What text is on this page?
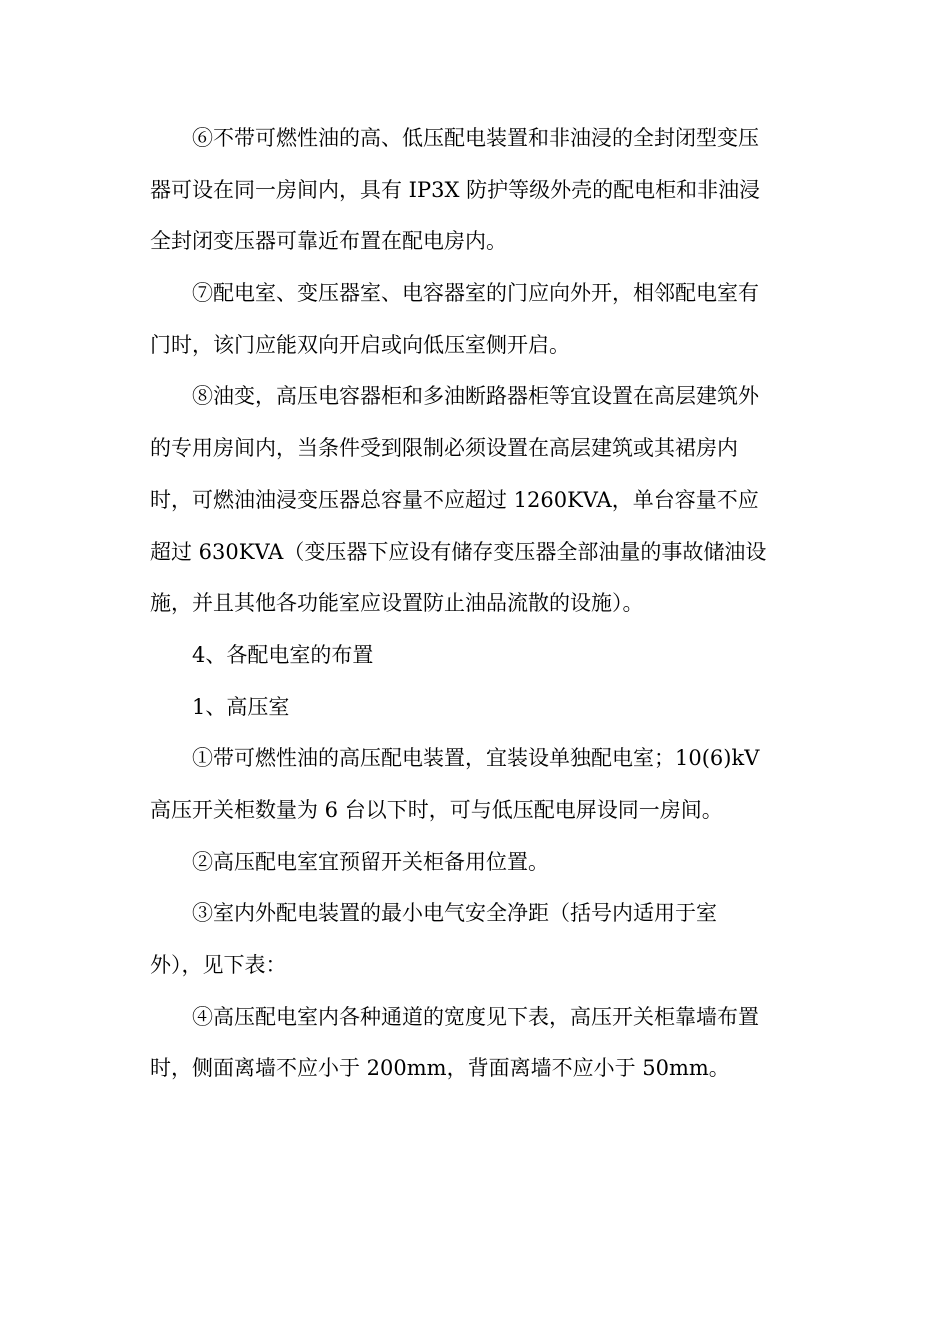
⑥不带可燃性油的高、低压配电装置和非油浸的全封闭型变压
器可设在同一房间内，具有 IP3X 防护等级外壳的配电柜和非油浸
全封闭变压器可靠近布置在配电房内。
⑦配电室、变压器室、电容器室的门应向外开，相邻配电室有
门时，该门应能双向开启或向低压室侧开启。
⑧油变，高压电容器柜和多油断路器柜等宜设置在高层建筑外
的专用房间内，当条件受到限制必须设置在高层建筑或其裙房内
时，可燃油油浸变压器总容量不应超过 1260KVA，单台容量不应
超过 630KVA（变压器下应设有储存变压器全部油量的事故储油设
施，并且其他各功能室应设置防止油品流散的设施）。
4、各配电室的布置
1、高压室
①带可燃性油的高压配电装置，宜装设单独配电室；10(6)kV
高压开关柜数量为 6 台以下时，可与低压配电屏设同一房间。
②高压配电室宜预留开关柜备用位置。
③室内外配电装置的最小电气安全净距（括号内适用于室
外），见下表：
④高压配电室内各种通道的宽度见下表，高压开关柜靠墙布置
时，侧面离墙不应小于 200mm，背面离墙不应小于 50mm。
